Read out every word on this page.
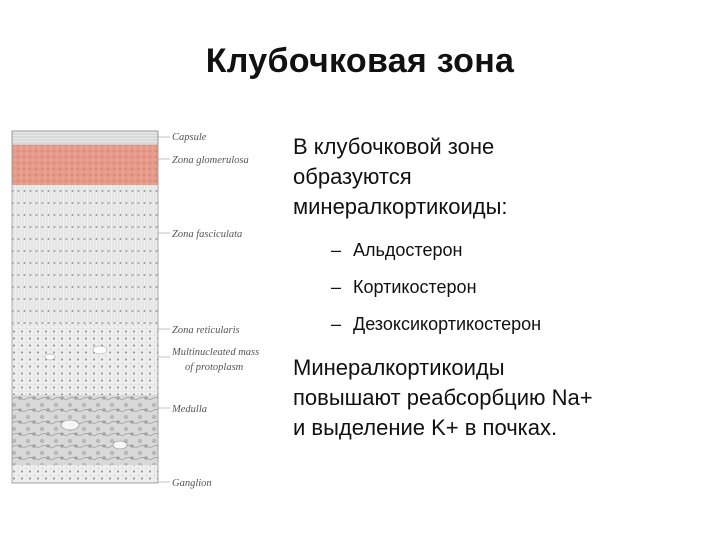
Клубочковая зона
Capsule
Zona glomerulosa
Zona fasciculata
Zona reticularis
Multinucleated mass
of protoplasm
Medulla
Ganglion

В клубочковой зоне
образуются
минералкортикоиды:

– Альдостерон
– Кортикостерон
– Дезоксикортикостерон

Минералкортикоиды
повышают реабсорбцию Na+
и выделение K+ в почках.
